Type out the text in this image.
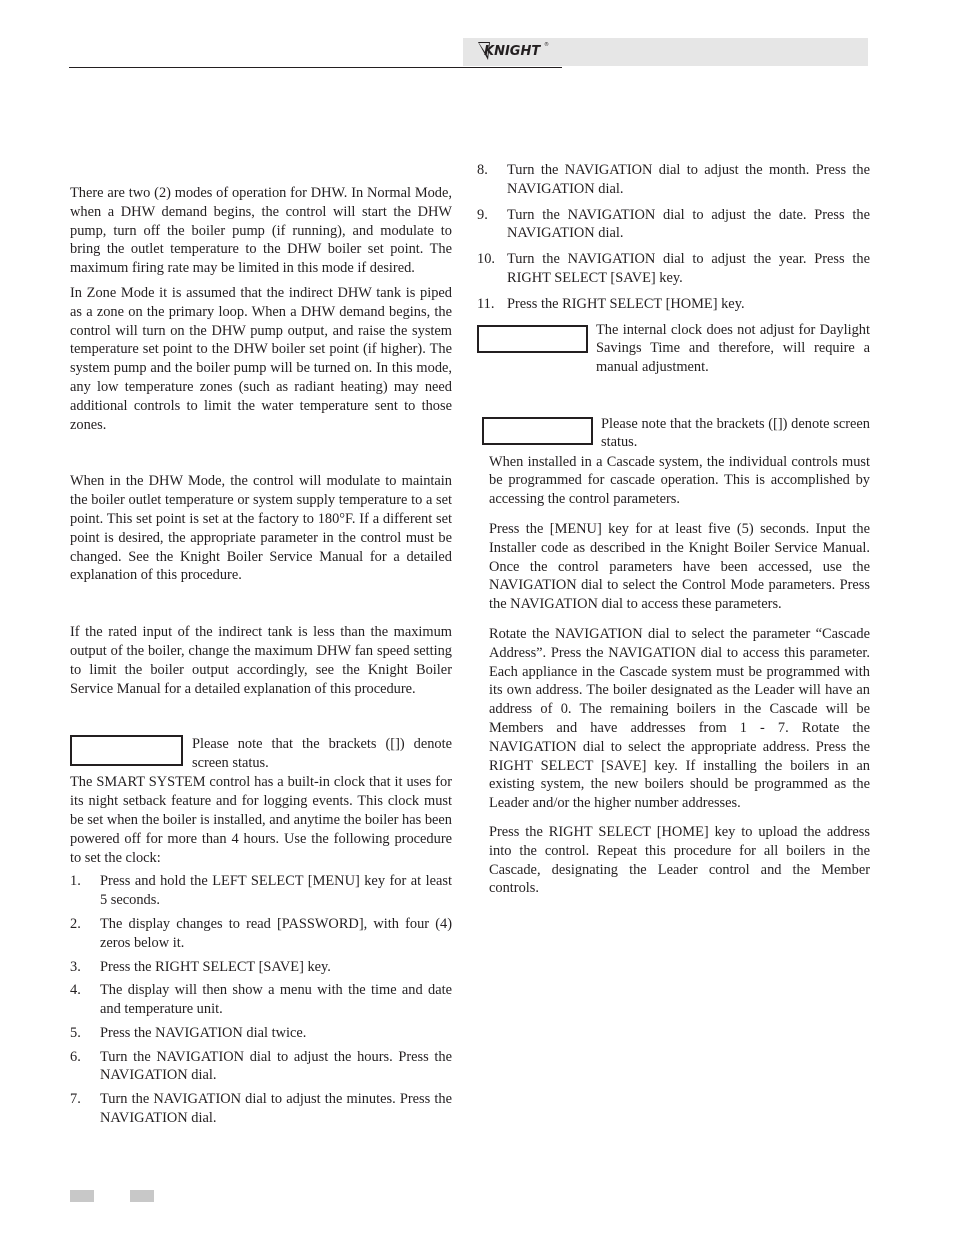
KNIGHT ®

There are two (2) modes of operation for DHW. In Normal Mode, when a DHW demand begins, the control will start the DHW pump, turn off the boiler pump (if running), and modulate to bring the outlet temperature to the DHW boiler set point. The maximum firing rate may be limited in this mode if desired.

In Zone Mode it is assumed that the indirect DHW tank is piped as a zone on the primary loop. When a DHW demand begins, the control will turn on the DHW pump output, and raise the system temperature set point to the DHW boiler set point (if higher). The system pump and the boiler pump will be turned on. In this mode, any low temperature zones (such as radiant heating) may need additional controls to limit the water temperature sent to those zones.

When in the DHW Mode, the control will modulate to maintain the boiler outlet temperature or system supply temperature to a set point. This set point is set at the factory to 180°F. If a different set point is desired, the appropriate parameter in the control must be changed. See the Knight Boiler Service Manual for a detailed explanation of this procedure.

If the rated input of the indirect tank is less than the maximum output of the boiler, change the maximum DHW fan speed setting to limit the boiler output accordingly, see the Knight Boiler Service Manual for a detailed explanation of this procedure.

Please note that the brackets ([]) denote screen status.

The SMART SYSTEM control has a built-in clock that it uses for its night setback feature and for logging events. This clock must be set when the boiler is installed, and anytime the boiler has been powered off for more than 4 hours. Use the following procedure to set the clock:

1. Press and hold the LEFT SELECT [MENU] key for at least 5 seconds.
2. The display changes to read [PASSWORD], with four (4) zeros below it.
3. Press the RIGHT SELECT [SAVE] key.
4. The display will then show a menu with the time and date and temperature unit.
5. Press the NAVIGATION dial twice.
6. Turn the NAVIGATION dial to adjust the hours. Press the NAVIGATION dial.
7. Turn the NAVIGATION dial to adjust the minutes. Press the NAVIGATION dial.
8. Turn the NAVIGATION dial to adjust the month. Press the NAVIGATION dial.
9. Turn the NAVIGATION dial to adjust the date. Press the NAVIGATION dial.
10. Turn the NAVIGATION dial to adjust the year. Press the RIGHT SELECT [SAVE] key.
11. Press the RIGHT SELECT [HOME] key.

The internal clock does not adjust for Daylight Savings Time and therefore, will require a manual adjustment.

Please note that the brackets ([]) denote screen status.

When installed in a Cascade system, the individual controls must be programmed for cascade operation. This is accomplished by accessing the control parameters.

Press the [MENU] key for at least five (5) seconds. Input the Installer code as described in the Knight Boiler Service Manual. Once the control parameters have been accessed, use the NAVIGATION dial to select the Control Mode parameters. Press the NAVIGATION dial to access these parameters.

Rotate the NAVIGATION dial to select the parameter “Cascade Address”. Press the NAVIGATION dial to access this parameter. Each appliance in the Cascade system must be programmed with its own address. The boiler designated as the Leader will have an address of 0. The remaining boilers in the Cascade will be Members and have addresses from 1 - 7. Rotate the NAVIGATION dial to select the appropriate address. Press the RIGHT SELECT [SAVE] key. If installing the boilers in an existing system, the new boilers should be programmed as the Leader and/or the higher number addresses.

Press the RIGHT SELECT [HOME] key to upload the address into the control. Repeat this procedure for all boilers in the Cascade, designating the Leader control and the Member controls.
